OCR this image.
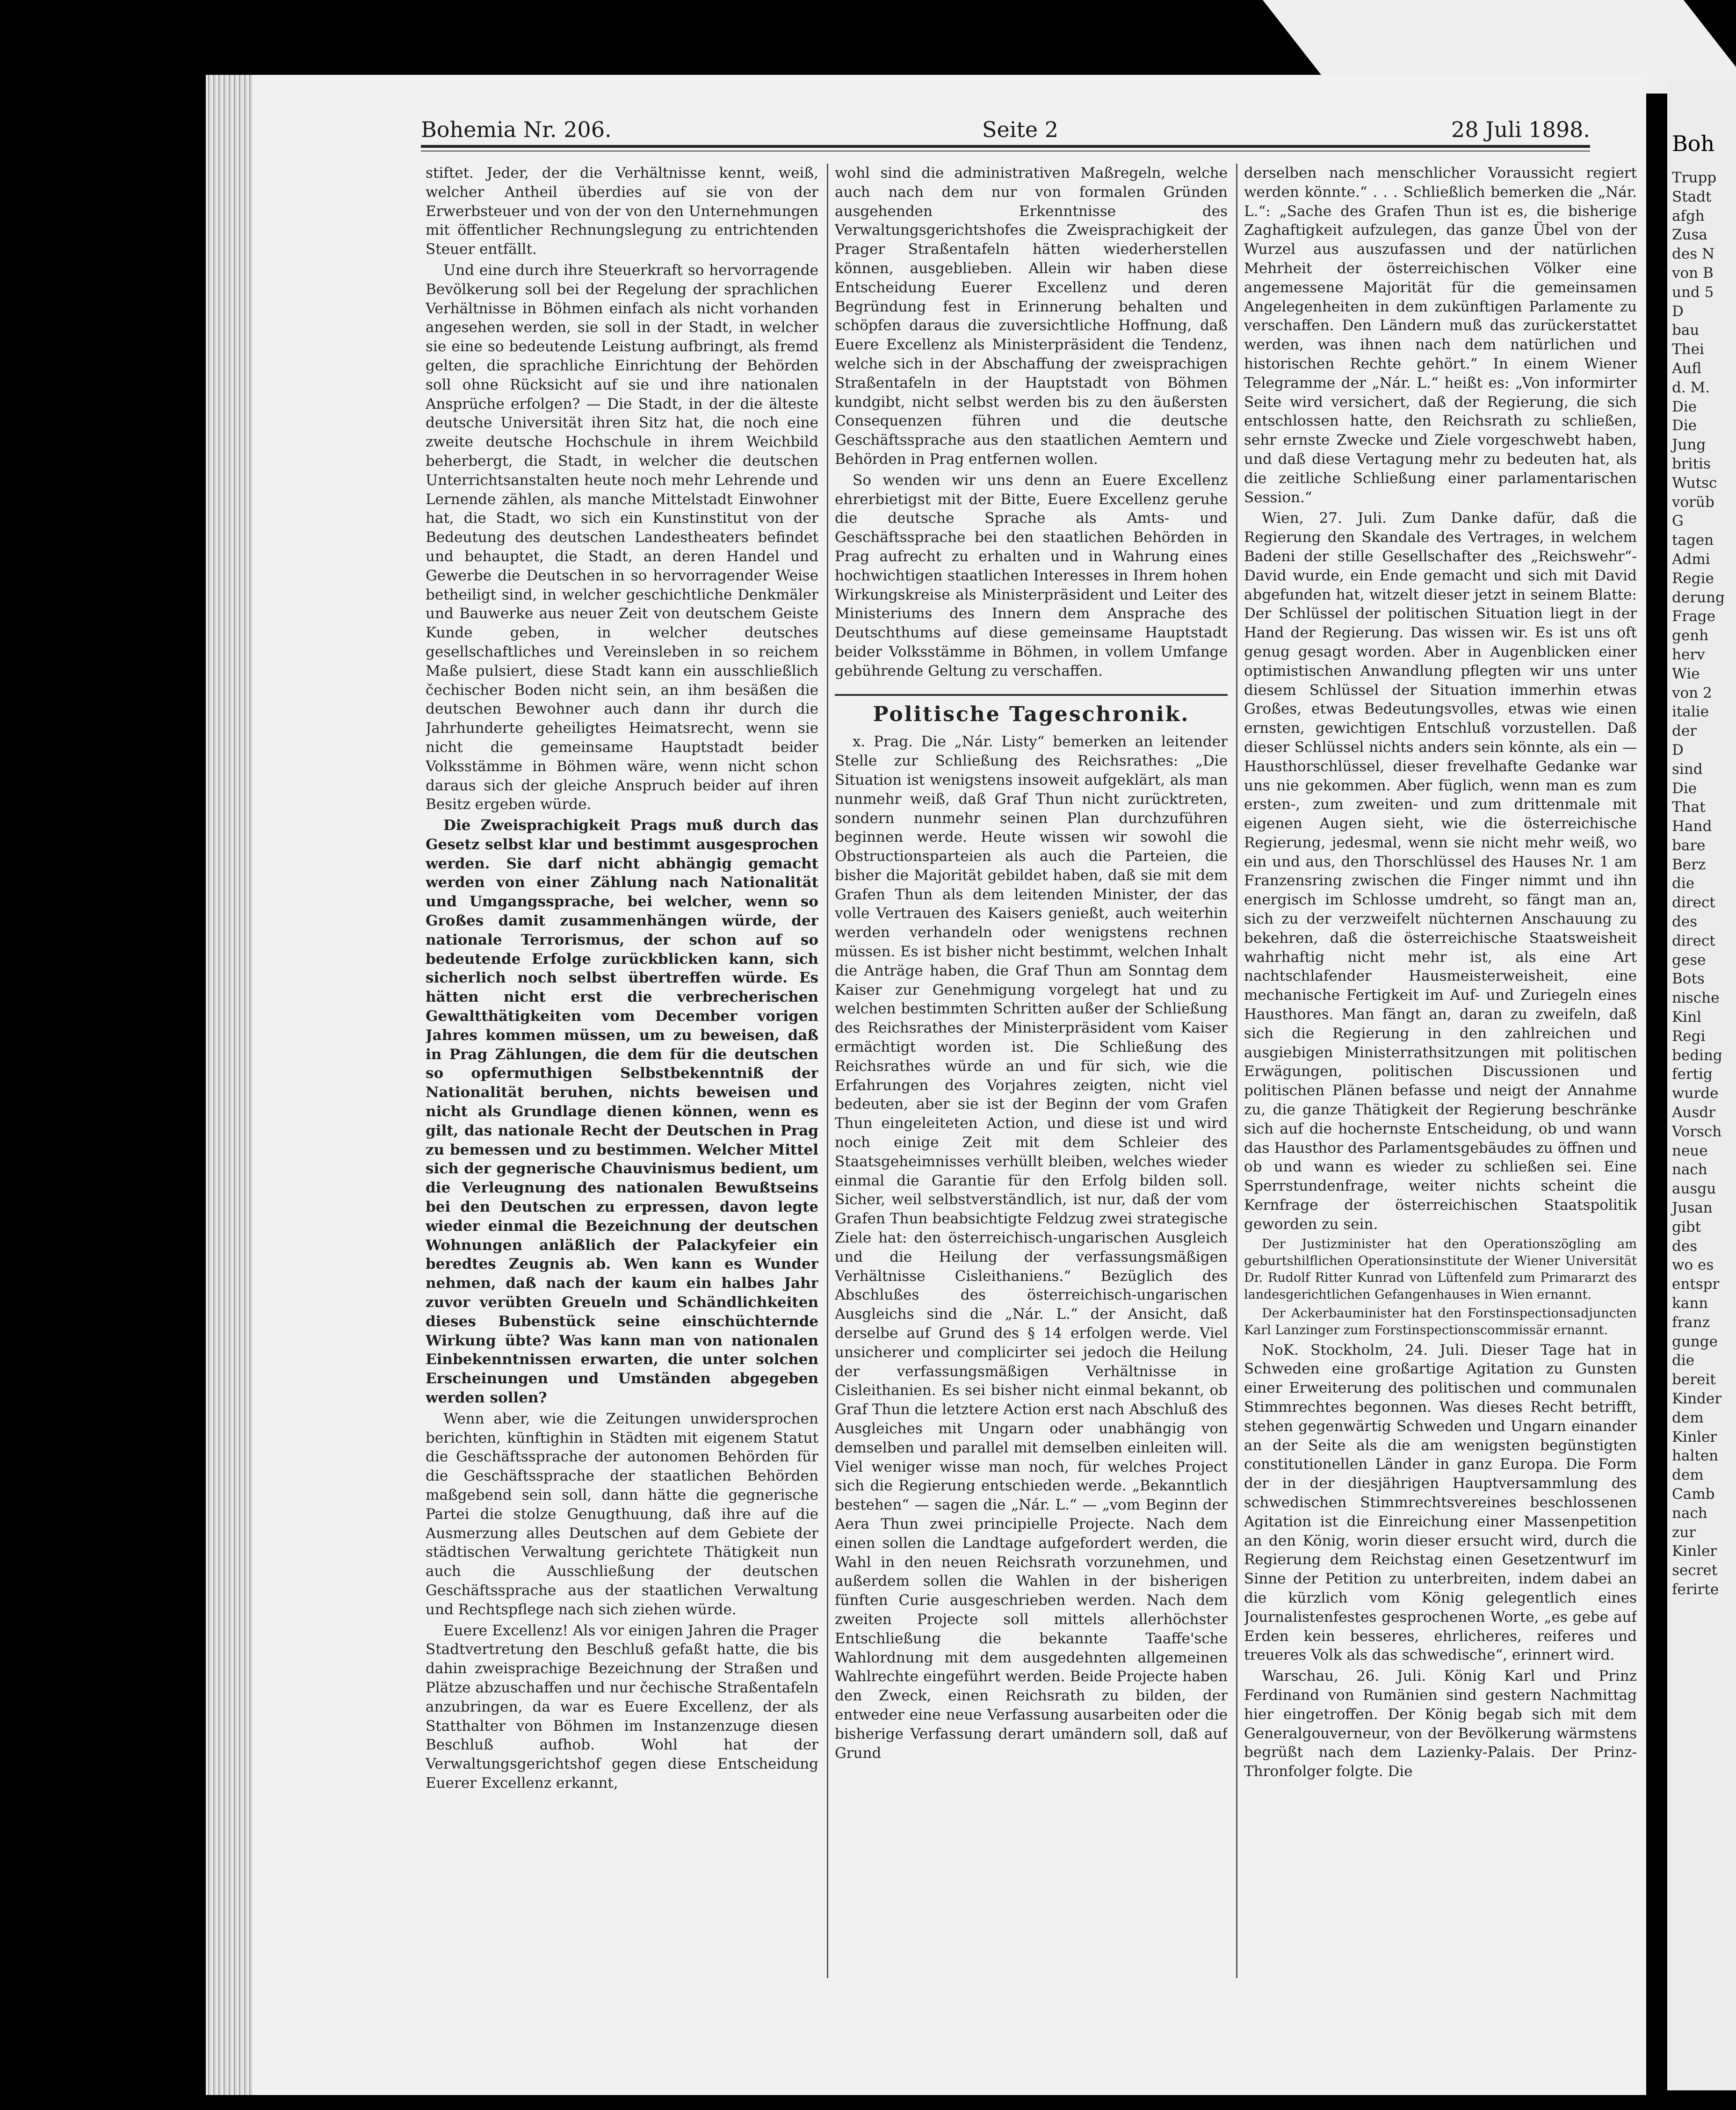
Bohemia Nr. 206.	Seite 2	28 Juli 1898.

stiftet. Jeder, der die Verhältnisse kennt, weiß, welcher Antheil überdies auf sie von der Erwerbsteuer und von der von den Unternehmungen mit öffentlicher Rechnungslegung zu entrichtenden Steuer entfällt.

Und eine durch ihre Steuerkraft so hervorragende Bevölkerung soll bei der Regelung der sprachlichen Verhältnisse in Böhmen einfach als nicht vorhanden angesehen werden, sie soll in der Stadt, in welcher sie eine so bedeutende Leistung aufbringt, als fremd gelten, die sprachliche Einrichtung der Behörden soll ohne Rücksicht auf sie und ihre nationalen Ansprüche erfolgen? — Die Stadt, in der die älteste deutsche Universität ihren Sitz hat, die noch eine zweite deutsche Hochschule in ihrem Weichbild beherbergt, die Stadt, in welcher die deutschen Unterrichtsanstalten heute noch mehr Lehrende und Lernende zählen, als manche Mittelstadt Einwohner hat, die Stadt, wo sich ein Kunstinstitut von der Bedeutung des deutschen Landestheaters befindet und behauptet, die Stadt, an deren Handel und Gewerbe die Deutschen in so hervorragender Weise betheiligt sind, in welcher geschichtliche Denkmäler und Bauwerke aus neuer Zeit von deutschem Geiste Kunde geben, in welcher deutsches gesellschaftliches und Vereinsleben in so reichem Maße pulsiert, diese Stadt kann ein ausschließlich čechischer Boden nicht sein, an ihm besäßen die deutschen Bewohner auch dann ihr durch die Jahrhunderte geheiligtes Heimatsrecht, wenn sie nicht die gemeinsame Hauptstadt beider Volksstämme in Böhmen wäre, wenn nicht schon daraus sich der gleiche Anspruch beider auf ihren Besitz ergeben würde.

Die Zweisprachigkeit Prags muß durch das Gesetz selbst klar und bestimmt ausgesprochen werden. Sie darf nicht abhängig gemacht werden von einer Zählung nach Nationalität und Umgangssprache, bei welcher, wenn so Großes damit zusammenhängen würde, der nationale Terrorismus, der schon auf so bedeutende Erfolge zurückblicken kann, sich sicherlich noch selbst übertreffen würde. Es hätten nicht erst die verbrecherischen Gewaltthätigkeiten vom December vorigen Jahres kommen müssen, um zu beweisen, daß in Prag Zählungen, die dem für die deutschen so opfermuthigen Selbstbekenntniß der Nationalität beruhen, nichts beweisen und nicht als Grundlage dienen können, wenn es gilt, das nationale Recht der Deutschen in Prag zu bemessen und zu bestimmen. Welcher Mittel sich der gegnerische Chauvinismus bedient, um die Verleugnung des nationalen Bewußtseins bei den Deutschen zu erpressen, davon legte wieder einmal die Bezeichnung der deutschen Wohnungen anläßlich der Palackyfeier ein beredtes Zeugnis ab. Wen kann es Wunder nehmen, daß nach der kaum ein halbes Jahr zuvor verübten Greueln und Schändlichkeiten dieses Bubenstück seine einschüchternde Wirkung übte? Was kann man von nationalen Einbekenntnissen erwarten, die unter solchen Erscheinungen und Umständen abgegeben werden sollen?

Wenn aber, wie die Zeitungen unwidersprochen berichten, künftighin in Städten mit eigenem Statut die Geschäftssprache der autonomen Behörden für die Geschäftssprache der staatlichen Behörden maßgebend sein soll, dann hätte die gegnerische Partei die stolze Genugthuung, daß ihre auf die Ausmerzung alles Deutschen auf dem Gebiete der städtischen Verwaltung gerichtete Thätigkeit nun auch die Ausschließung der deutschen Geschäftssprache aus der staatlichen Verwaltung und Rechtspflege nach sich ziehen würde.

Euere Excellenz! Als vor einigen Jahren die Prager Stadtvertretung den Beschluß gefaßt hatte, die bis dahin zweisprachige Bezeichnung der Straßen und Plätze abzuschaffen und nur čechische Straßentafeln anzubringen, da war es Euere Excellenz, der als Statthalter von Böhmen im Instanzenzuge diesen Beschluß aufhob. Wohl hat der Verwaltungsgerichtshof gegen diese Entscheidung Euerer Excellenz erkannt,

wohl sind die administrativen Maßregeln, welche auch nach dem nur von formalen Gründen ausgehenden Erkenntnisse des Verwaltungsgerichtshofes die Zweisprachigkeit der Prager Straßentafeln hätten wiederherstellen können, ausgeblieben. Allein wir haben diese Entscheidung Euerer Excellenz und deren Begründung fest in Erinnerung behalten und schöpfen daraus die zuversichtliche Hoffnung, daß Euere Excellenz als Ministerpräsident die Tendenz, welche sich in der Abschaffung der zweisprachigen Straßentafeln in der Hauptstadt von Böhmen kundgibt, nicht selbst werden bis zu den äußersten Consequenzen führen und die deutsche Geschäftssprache aus den staatlichen Aemtern und Behörden in Prag entfernen wollen.

So wenden wir uns denn an Euere Excellenz ehrerbietigst mit der Bitte, Euere Excellenz geruhe die deutsche Sprache als Amts- und Geschäftssprache bei den staatlichen Behörden in Prag aufrecht zu erhalten und in Wahrung eines hochwichtigen staatlichen Interesses in Ihrem hohen Wirkungskreise als Ministerpräsident und Leiter des Ministeriums des Innern dem Ansprache des Deutschthums auf diese gemeinsame Hauptstadt beider Volksstämme in Böhmen, in vollem Umfange gebührende Geltung zu verschaffen.

Politische Tageschronik.

x. Prag. Die „Nár. Listy“ bemerken an leitender Stelle zur Schließung des Reichsrathes: „Die Situation ist wenigstens insoweit aufgeklärt, als man nunmehr weiß, daß Graf Thun nicht zurücktreten, sondern nunmehr seinen Plan durchzuführen beginnen werde. Heute wissen wir sowohl die Obstructionsparteien als auch die Parteien, die bisher die Majorität gebildet haben, daß sie mit dem Grafen Thun als dem leitenden Minister, der das volle Vertrauen des Kaisers genießt, auch weiterhin werden verhandeln oder wenigstens rechnen müssen. Es ist bisher nicht bestimmt, welchen Inhalt die Anträge haben, die Graf Thun am Sonntag dem Kaiser zur Genehmigung vorgelegt hat und zu welchen bestimmten Schritten außer der Schließung des Reichsrathes der Ministerpräsident vom Kaiser ermächtigt worden ist. Die Schließung des Reichsrathes würde an und für sich, wie die Erfahrungen des Vorjahres zeigten, nicht viel bedeuten, aber sie ist der Beginn der vom Grafen Thun eingeleiteten Action, und diese ist und wird noch einige Zeit mit dem Schleier des Staatsgeheimnisses verhüllt bleiben, welches wieder einmal die Garantie für den Erfolg bilden soll. Sicher, weil selbstverständlich, ist nur, daß der vom Grafen Thun beabsichtigte Feldzug zwei strategische Ziele hat: den österreichisch-ungarischen Ausgleich und die Heilung der verfassungsmäßigen Verhältnisse Cisleithaniens.“ Bezüglich des Abschlußes des österreichisch-ungarischen Ausgleichs sind die „Nár. L.“ der Ansicht, daß derselbe auf Grund des § 14 erfolgen werde. Viel unsicherer und complicirter sei jedoch die Heilung der verfassungsmäßigen Verhältnisse in Cisleithanien. Es sei bisher nicht einmal bekannt, ob Graf Thun die letztere Action erst nach Abschluß des Ausgleiches mit Ungarn oder unabhängig von demselben und parallel mit demselben einleiten will. Viel weniger wisse man noch, für welches Project sich die Regierung entschieden werde. „Bekanntlich bestehen“ — sagen die „Nár. L.“ — „vom Beginn der Aera Thun zwei principielle Projecte. Nach dem einen sollen die Landtage aufgefordert werden, die Wahl in den neuen Reichsrath vorzunehmen, und außerdem sollen die Wahlen in der bisherigen fünften Curie ausgeschrieben werden. Nach dem zweiten Projecte soll mittels allerhöchster Entschließung die bekannte Taaffe'sche Wahlordnung mit dem ausgedehnten allgemeinen Wahlrechte eingeführt werden. Beide Projecte haben den Zweck, einen Reichsrath zu bilden, der entweder eine neue Verfassung ausarbeiten oder die bisherige Verfassung derart umändern soll, daß auf Grund

derselben nach menschlicher Voraussicht regiert werden könnte.“ . . . Schließlich bemerken die „Nár. L.“: „Sache des Grafen Thun ist es, die bisherige Zaghaftigkeit aufzulegen, das ganze Übel von der Wurzel aus auszufassen und der natürlichen Mehrheit der österreichischen Völker eine angemessene Majorität für die gemeinsamen Angelegenheiten in dem zukünftigen Parlamente zu verschaffen. Den Ländern muß das zurückerstattet werden, was ihnen nach dem natürlichen und historischen Rechte gehört.“ In einem Wiener Telegramme der „Nár. L.“ heißt es: „Von informirter Seite wird versichert, daß der Regierung, die sich entschlossen hatte, den Reichsrath zu schließen, sehr ernste Zwecke und Ziele vorgeschwebt haben, und daß diese Vertagung mehr zu bedeuten hat, als die zeitliche Schließung einer parlamentarischen Session.“

Wien, 27. Juli. Zum Danke dafür, daß die Regierung den Skandale des Vertrages, in welchem Badeni der stille Gesellschafter des „Reichswehr“-David wurde, ein Ende gemacht und sich mit David abgefunden hat, witzelt dieser jetzt in seinem Blatte: Der Schlüssel der politischen Situation liegt in der Hand der Regierung. Das wissen wir. Es ist uns oft genug gesagt worden. Aber in Augenblicken einer optimistischen Anwandlung pflegten wir uns unter diesem Schlüssel der Situation immerhin etwas Großes, etwas Bedeutungsvolles, etwas wie einen ernsten, gewichtigen Entschluß vorzustellen. Daß dieser Schlüssel nichts anders sein könnte, als ein — Hausthorschlüssel, dieser frevelhafte Gedanke war uns nie gekommen. Aber füglich, wenn man es zum ersten-, zum zweiten- und zum drittenmale mit eigenen Augen sieht, wie die österreichische Regierung, jedesmal, wenn sie nicht mehr weiß, wo ein und aus, den Thorschlüssel des Hauses Nr. 1 am Franzensring zwischen die Finger nimmt und ihn energisch im Schlosse umdreht, so fängt man an, sich zu der verzweifelt nüchternen Anschauung zu bekehren, daß die österreichische Staatsweisheit wahrhaftig nicht mehr ist, als eine Art nachtschlafender Hausmeisterweisheit, eine mechanische Fertigkeit im Auf- und Zuriegeln eines Hausthores. Man fängt an, daran zu zweifeln, daß sich die Regierung in den zahlreichen und ausgiebigen Ministerrathsitzungen mit politischen Erwägungen, politischen Discussionen und politischen Plänen befasse und neigt der Annahme zu, die ganze Thätigkeit der Regierung beschränke sich auf die hochernste Entscheidung, ob und wann das Hausthor des Parlamentsgebäudes zu öffnen und ob und wann es wieder zu schließen sei. Eine Sperrstundenfrage, weiter nichts scheint die Kernfrage der österreichischen Staatspolitik geworden zu sein.

Der Justizminister hat den Operationszögling am geburtshilflichen Operationsinstitute der Wiener Universität Dr. Rudolf Ritter Kunrad von Lüftenfeld zum Primararzt des landesgerichtlichen Gefangenhauses in Wien ernannt.

Der Ackerbauminister hat den Forstinspectionsadjuncten Karl Lanzinger zum Forstinspectionscommissär ernannt.

NoK. Stockholm, 24. Juli. Dieser Tage hat in Schweden eine großartige Agitation zu Gunsten einer Erweiterung des politischen und communalen Stimmrechtes begonnen. Was dieses Recht betrifft, stehen gegenwärtig Schweden und Ungarn einander an der Seite als die am wenigsten begünstigten constitutionellen Länder in ganz Europa. Die Form der in der diesjährigen Hauptversammlung des schwedischen Stimmrechtsvereines beschlossenen Agitation ist die Einreichung einer Massenpetition an den König, worin dieser ersucht wird, durch die Regierung dem Reichstag einen Gesetzentwurf im Sinne der Petition zu unterbreiten, indem dabei an die kürzlich vom König gelegentlich eines Journalistenfestes gesprochenen Worte, „es gebe auf Erden kein besseres, ehrlicheres, reiferes und treueres Volk als das schwedische“, erinnert wird.

Warschau, 26. Juli. König Karl und Prinz Ferdinand von Rumänien sind gestern Nachmittag hier eingetroffen. Der König begab sich mit dem Generalgouverneur, von der Bevölkerung wärmstens begrüßt nach dem Lazienky-Palais. Der Prinz-Thronfolger folgte. Die

Boh
Trupp
Stadt
afgh
Zusa
des N
von B
und 5
D
bau
Thei
Aufl
d. M.
Die
Die
Jung
britis
Wutsc
vorüb
G
tagen
Admi
Regie
derung
Frage
genh
herv
Wie
von 2
italie
der
D
sind
Die
That
Hand
bare
Berz
die
direct
des
direct
gese
Bots
nische
Kinl
Regi
beding
fertig
wurde
Ausdr
Vorsch
neue
nach
ausgu
Jusan
gibt
des
wo es
entspr
kann
franz
gunge
die
bereit
Kinder
dem
Kinler
halten
dem
Camb
nach
zur
Kinler
secret
ferirte
